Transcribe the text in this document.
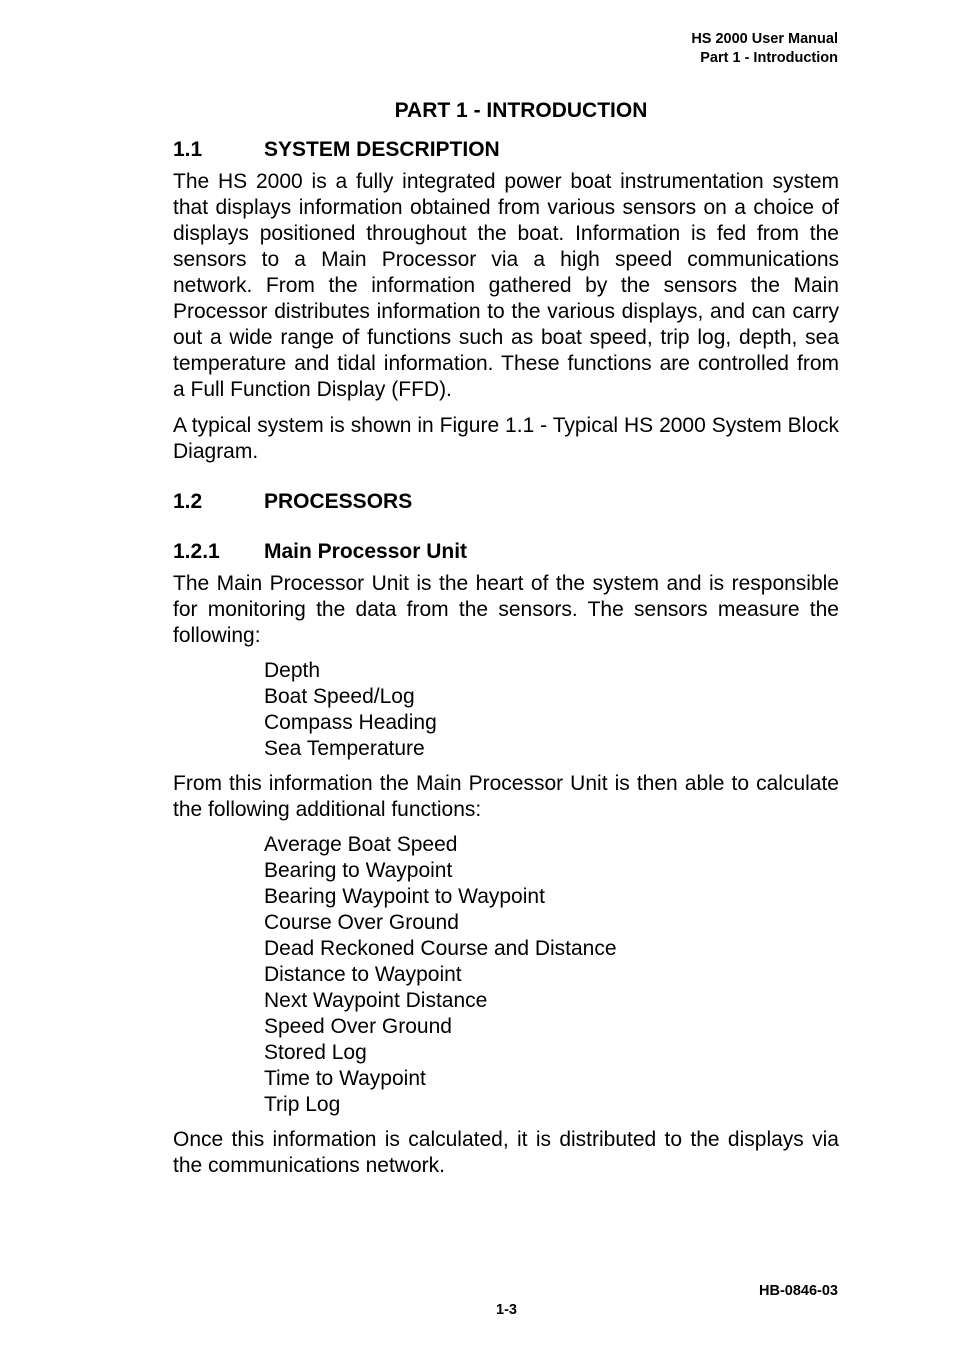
HS 2000 User Manual
Part 1 - Introduction
PART 1 - INTRODUCTION
1.1	SYSTEM DESCRIPTION

The HS 2000 is a fully integrated power boat instrumentation system that displays information obtained from various sensors on a choice of displays positioned throughout the boat. Information is fed from the sensors to a Main Processor via a high speed communications network. From the information gathered by the sensors the Main Processor distributes information to the various displays, and can carry out a wide range of functions such as boat speed, trip log, depth, sea temperature and tidal information. These functions are controlled from a Full Function Display (FFD).

A typical system is shown in Figure 1.1 - Typical HS 2000 System Block Diagram.

1.2	PROCESSORS
1.2.1	Main Processor Unit

The Main Processor Unit is the heart of the system and is responsible for monitoring the data from the sensors. The sensors measure the following:

Depth
Boat Speed/Log
Compass Heading
Sea Temperature

From this information the Main Processor Unit is then able to calculate the following additional functions:

Average Boat Speed
Bearing to Waypoint
Bearing Waypoint to Waypoint
Course Over Ground
Dead Reckoned Course and Distance
Distance to Waypoint
Next Waypoint Distance
Speed Over Ground
Stored Log
Time to Waypoint
Trip Log

Once this information is calculated, it is distributed to the displays via the communications network.

HB-0846-03
1-3
